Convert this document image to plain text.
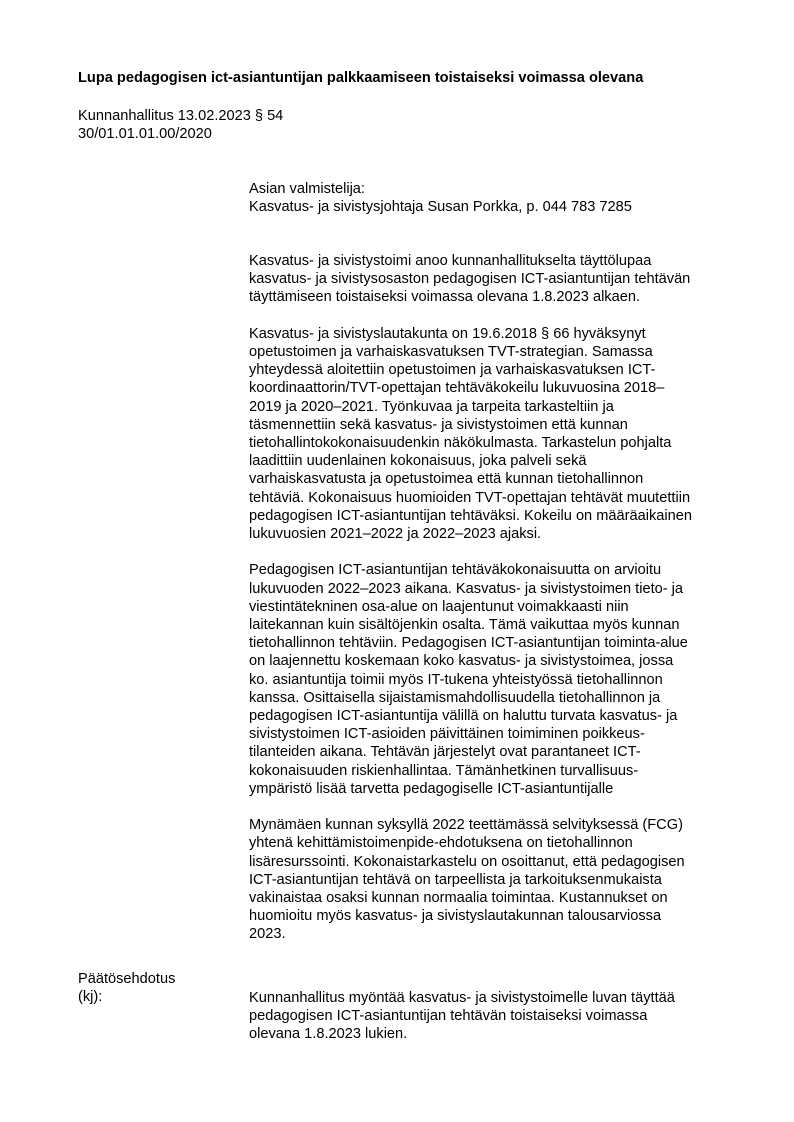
Lupa pedagogisen ict-asiantuntijan palkkaamiseen toistaiseksi voimassa olevana
Kunnanhallitus 13.02.2023 § 54
30/01.01.01.00/2020
Asian valmistelija:
Kasvatus- ja sivistysjohtaja Susan Porkka, p. 044 783 7285
Kasvatus- ja sivistystoimi anoo kunnanhallitukselta täyttölupaa
kasvatus- ja sivistysosaston pedagogisen ICT-asiantuntijan tehtävän
täyttämiseen toistaiseksi voimassa olevana 1.8.2023 alkaen.
Kasvatus- ja sivistyslautakunta on 19.6.2018 § 66 hyväksynyt
opetustoimen ja varhaiskasvatuksen TVT-strategian. Samassa
yhteydessä aloitettiin opetustoimen ja varhaiskasvatuksen ICT-
koordinaattorin/TVT-opettajan tehtäväkokeilu lukuvuosina 2018–
2019 ja 2020–2021. Työnkuvaa ja tarpeita tarkasteltiin ja
täsmennettiin sekä kasvatus- ja sivistystoimen että kunnan
tietohallintokokonaisuudenkin näkökulmasta. Tarkastelun pohjalta
laadittiin uudenlainen kokonaisuus, joka palveli sekä
varhaiskasvatusta ja opetustoimea että kunnan tietohallinnon
tehtäviä. Kokonaisuus huomioiden TVT-opettajan tehtävät muutettiin
pedagogisen ICT-asiantuntijan tehtäväksi. Kokeilu on määräaikainen
lukuvuosien 2021–2022 ja 2022–2023 ajaksi.
Pedagogisen ICT-asiantuntijan tehtäväkokonaisuutta on arvioitu
lukuvuoden 2022–2023 aikana. Kasvatus- ja sivistystoimen tieto- ja
viestintätekninen osa-alue on laajentunut voimakkaasti niin
laitekannan kuin sisältöjenkin osalta. Tämä vaikuttaa myös kunnan
tietohallinnon tehtäviin. Pedagogisen ICT-asiantuntijan toiminta-alue
on laajennettu koskemaan koko kasvatus- ja sivistystoimea, jossa
ko. asiantuntija toimii myös IT-tukena yhteistyössä tietohallinnon
kanssa. Osittaisella sijaistamismahdollisuudella tietohallinnon ja
pedagogisen ICT-asiantuntija välillä on haluttu turvata kasvatus- ja
sivistystoimen ICT-asioiden päivittäinen toimiminen poikkeus-
tilanteiden aikana. Tehtävän järjestelyt ovat parantaneet ICT-
kokonaisuuden riskienhallintaa. Tämänhetkinen turvallisuus-
ympäristö lisää tarvetta pedagogiselle ICT-asiantuntijalle
Mynämäen kunnan syksyllä 2022 teettämässä selvityksessä (FCG)
yhtenä kehittämistoimenpide-ehdotuksena on tietohallinnon
lisäresurssointi. Kokonaistarkastelu on osoittanut, että pedagogisen
ICT-asiantuntijan tehtävä on tarpeellista ja tarkoituksenmukaista
vakinaistaa osaksi kunnan normaalia toimintaa. Kustannukset on
huomioitu myös kasvatus- ja sivistyslautakunnan talousarviossa
2023.
Päätösehdotus
(kj):	Kunnanhallitus myöntää kasvatus- ja sivistystoimelle luvan täyttää
pedagogisen ICT-asiantuntijan tehtävän toistaiseksi voimassa
olevana 1.8.2023 lukien.
